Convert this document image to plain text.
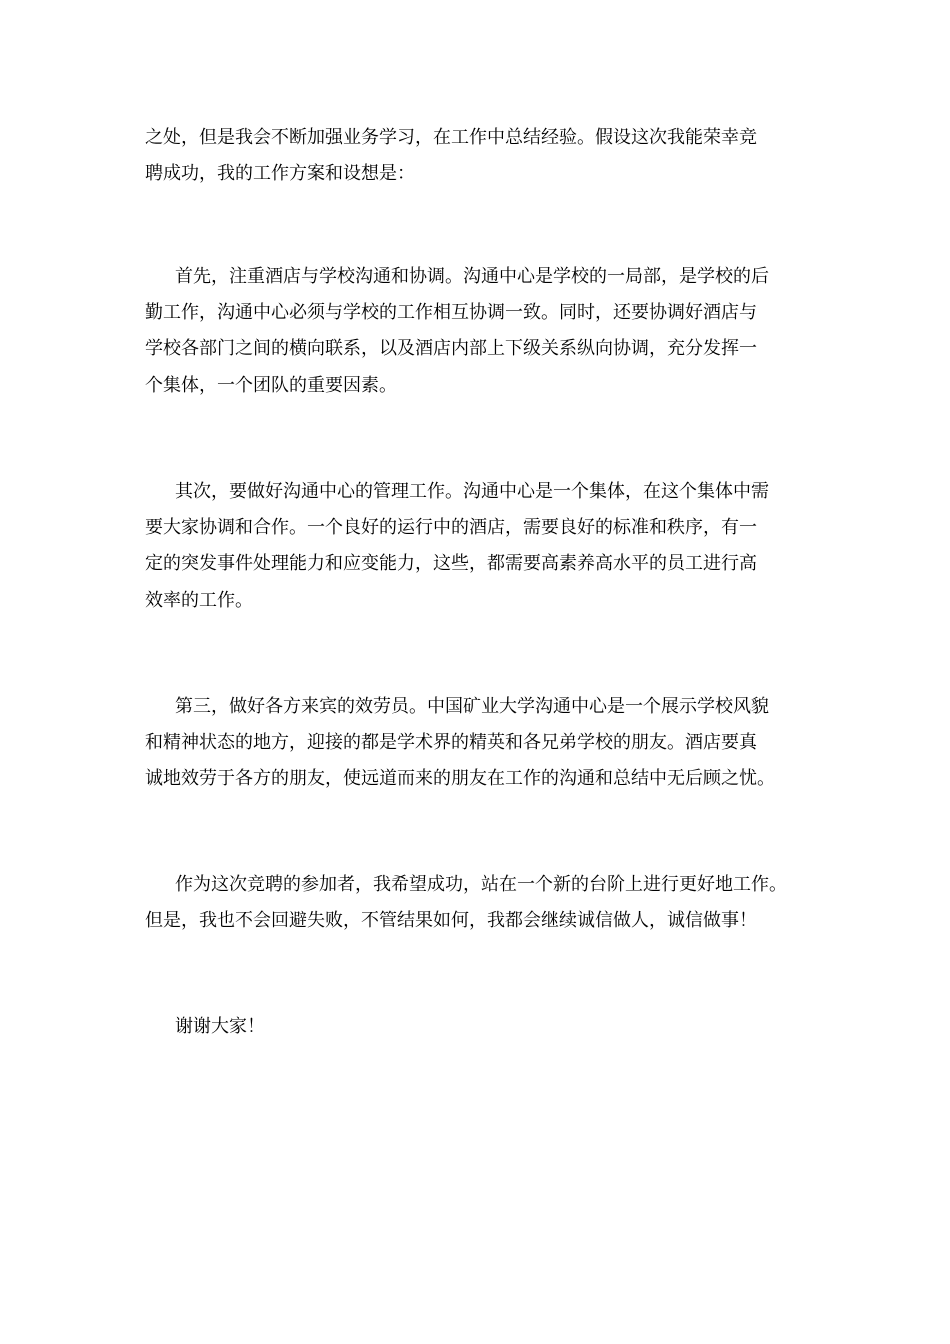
之处，但是我会不断加强业务学习，在工作中总结经验。假设这次我能荣幸竞
聘成功，我的工作方案和设想是：
首先，注重酒店与学校沟通和协调。沟通中心是学校的一局部，是学校的后
勤工作，沟通中心必须与学校的工作相互协调一致。同时，还要协调好酒店与
学校各部门之间的横向联系，以及酒店内部上下级关系纵向协调，充分发挥一
个集体，一个团队的重要因素。
其次，要做好沟通中心的管理工作。沟通中心是一个集体，在这个集体中需
要大家协调和合作。一个良好的运行中的酒店，需要良好的标准和秩序，有一
定的突发事件处理能力和应变能力，这些，都需要高素养高水平的员工进行高
效率的工作。
第三，做好各方来宾的效劳员。中国矿业大学沟通中心是一个展示学校风貌
和精神状态的地方，迎接的都是学术界的精英和各兄弟学校的朋友。酒店要真
诚地效劳于各方的朋友，使远道而来的朋友在工作的沟通和总结中无后顾之忧。
作为这次竞聘的参加者，我希望成功，站在一个新的台阶上进行更好地工作。
但是，我也不会回避失败，不管结果如何，我都会继续诚信做人，诚信做事！
谢谢大家！
